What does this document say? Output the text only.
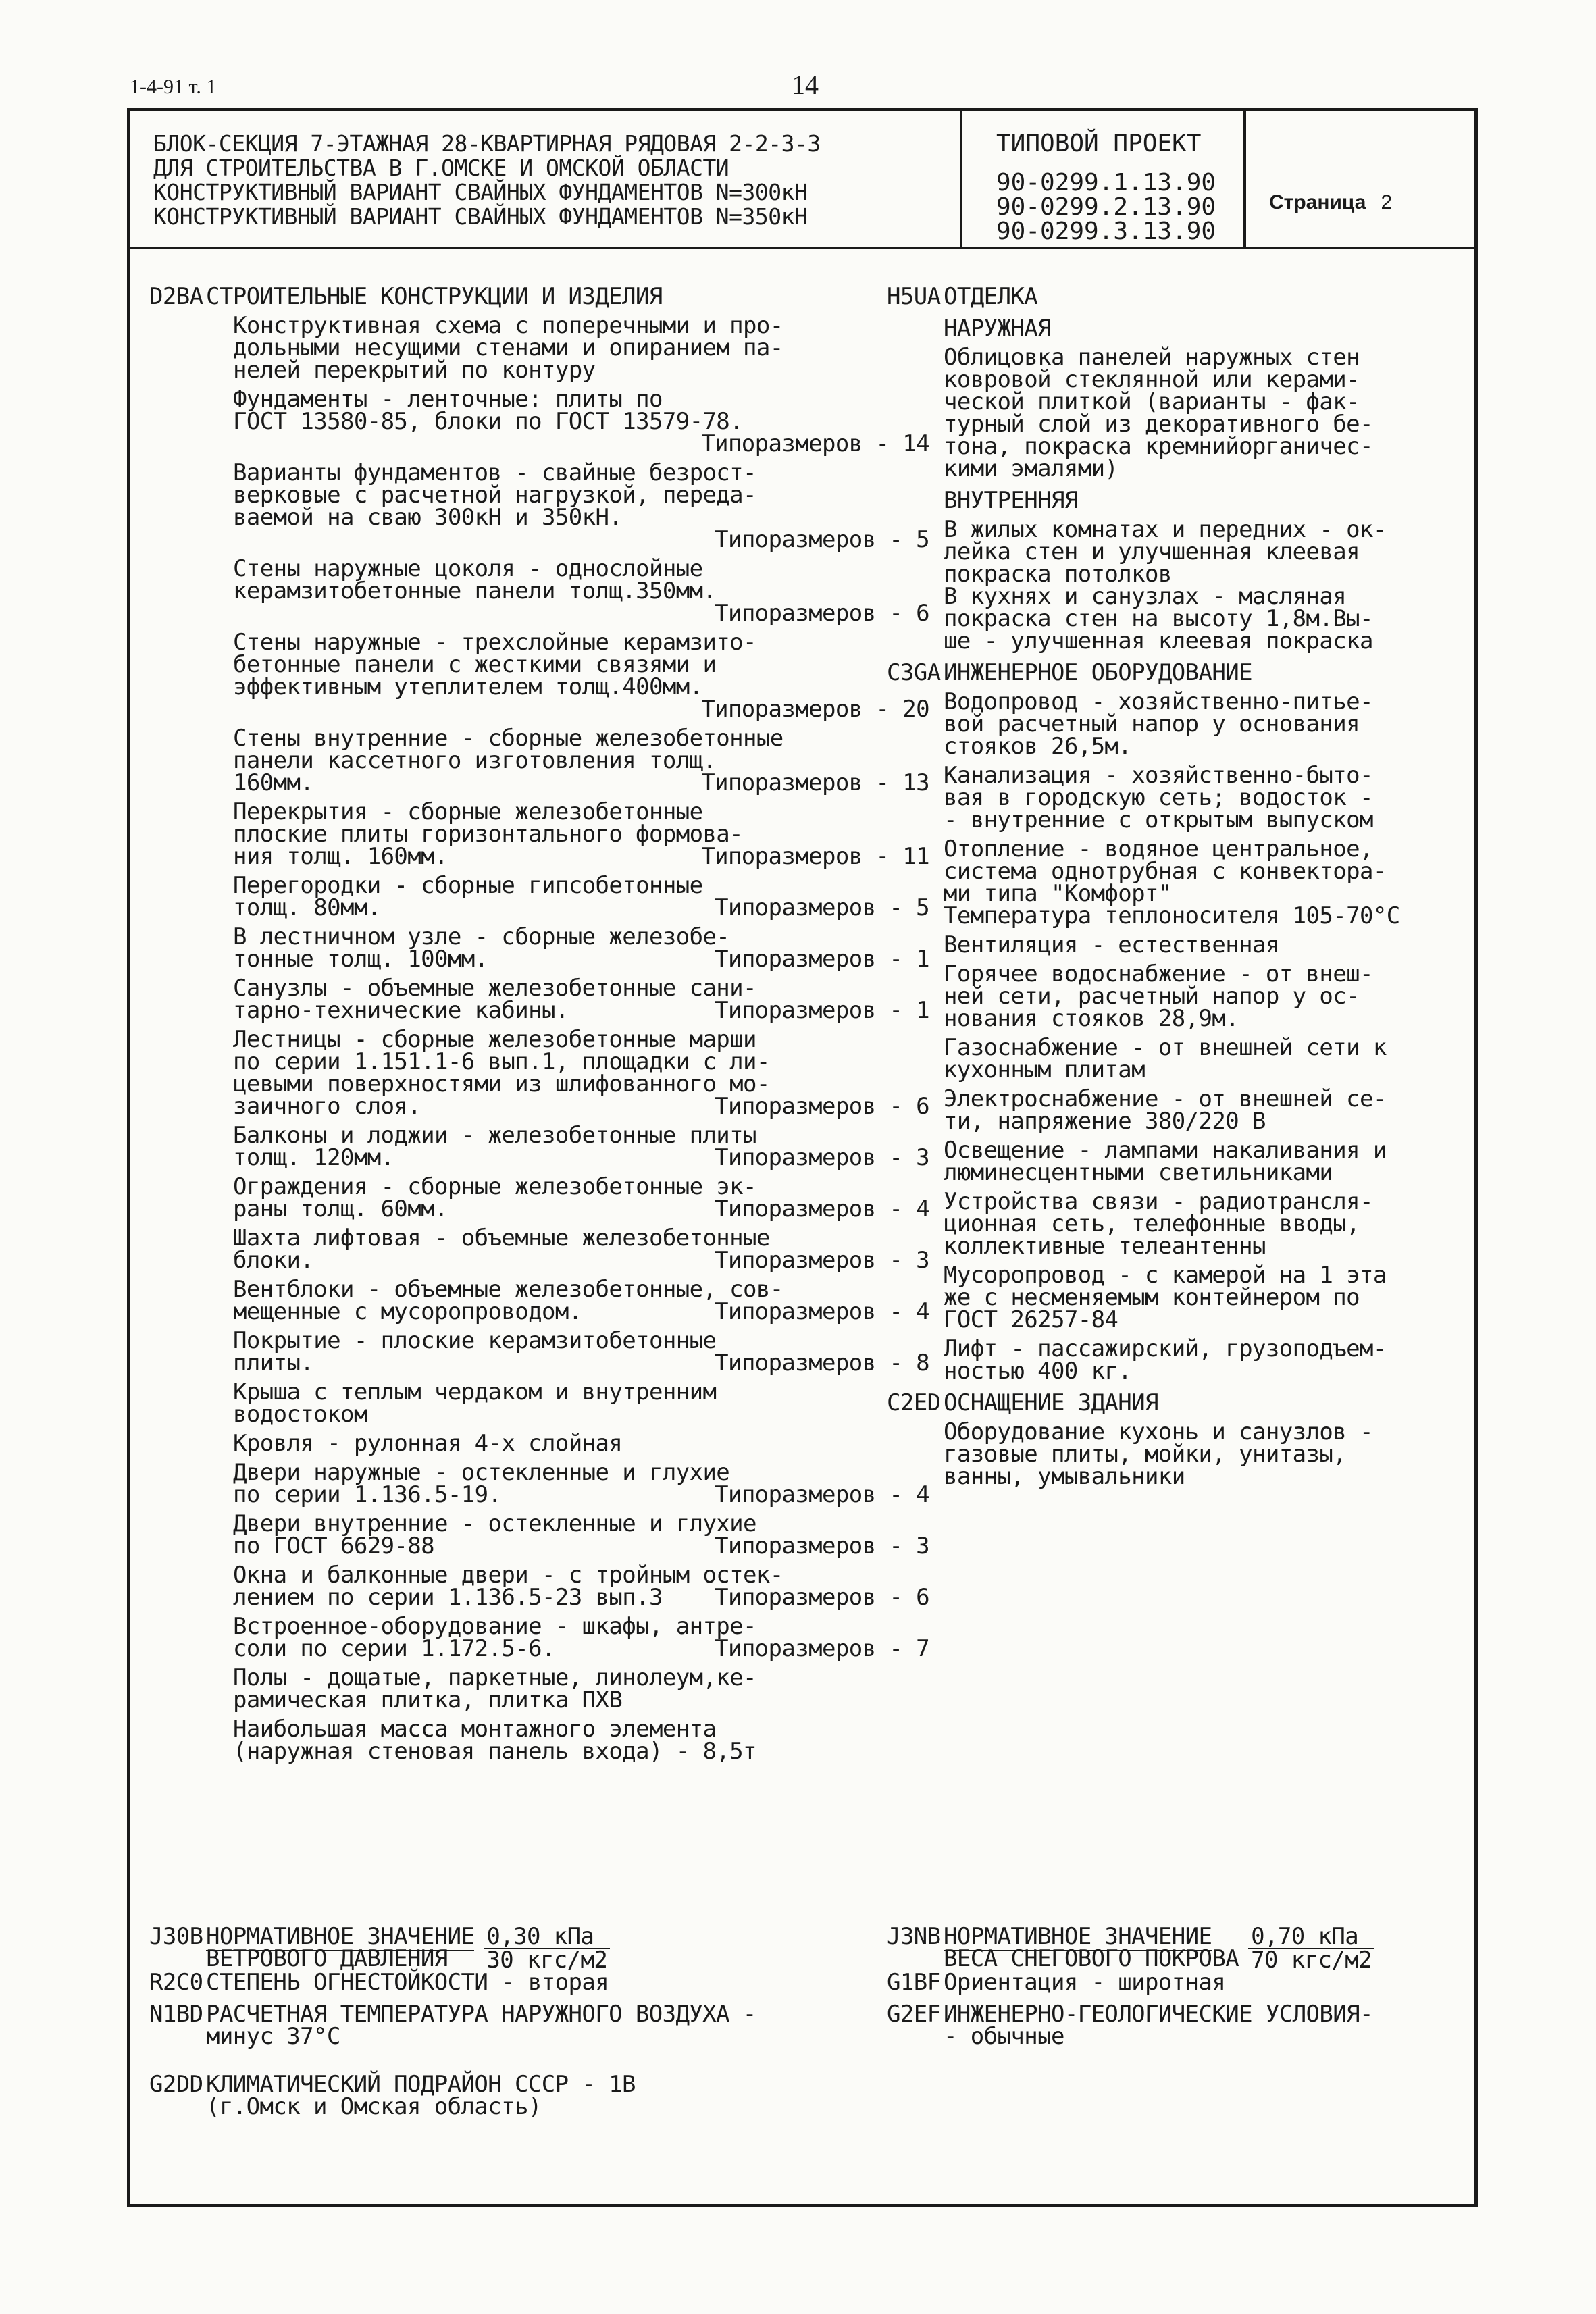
1-4-91 т. 1	14
БЛОК-СЕКЦИЯ 7-ЭТАЖНАЯ 28-КВАРТИРНАЯ РЯДОВАЯ 2-2-3-3
ДЛЯ СТРОИТЕЛЬСТВА В Г.ОМСКЕ И ОМСКОЙ ОБЛАСТИ
КОНСТРУКТИВНЫЙ ВАРИАНТ СВАЙНЫХ ФУНДАМЕНТОВ N=300кН
КОНСТРУКТИВНЫЙ ВАРИАНТ СВАЙНЫХ ФУНДАМЕНТОВ N=350кН
ТИПОВОЙ ПРОЕКТ
90-0299.1.13.90
90-0299.2.13.90
90-0299.3.13.90
Страница 2
D2BA СТРОИТЕЛЬНЫЕ КОНСТРУКЦИИ И ИЗДЕЛИЯ
Конструктивная схема с поперечными и про-
дольными несущими стенами и опиранием па-
нелей перекрытий по контуру
Фундаменты - ленточные: плиты по
ГОСТ 13580-85, блоки по ГОСТ 13579-78.
Типоразмеров - 14
Варианты фундаментов - свайные безрост-
верковые с расчетной нагрузкой, переда-
ваемой на сваю 300кН и 350кН.
Типоразмеров - 5
Стены наружные цоколя - однослойные
керамзитобетонные панели толщ.350мм.
Типоразмеров - 6
Стены наружные - трехслойные керамзито-
бетонные панели с жесткими связями и
эффективным утеплителем толщ.400мм.
Типоразмеров - 20
Стены внутренние - сборные железобетонные
панели кассетного изготовления толщ.
160мм.	Типоразмеров - 13
Перекрытия - сборные железобетонные
плоские плиты горизонтального формова-
ния толщ. 160мм.	Типоразмеров - 11
Перегородки - сборные гипсобетонные
толщ. 80мм.	Типоразмеров - 5
В лестничном узле - сборные железобе-
тонные толщ. 100мм.	Типоразмеров - 1
Санузлы - объемные железобетонные сани-
тарно-технические кабины.	Типоразмеров - 1
Лестницы - сборные железобетонные марши
по серии 1.151.1-6 вып.1, площадки с ли-
цевыми поверхностями из шлифованного мо-
заичного слоя.	Типоразмеров - 6
Балконы и лоджии - железобетонные плиты
толщ. 120мм.	Типоразмеров - 3
Ограждения - сборные железобетонные эк-
раны толщ. 60мм.	Типоразмеров - 4
Шахта лифтовая - объемные железобетонные
блоки.	Типоразмеров - 3
Вентблоки - объемные железобетонные, сов-
мещенные с мусоропроводом.	Типоразмеров - 4
Покрытие - плоские керамзитобетонные
плиты.	Типоразмеров - 8
Крыша с теплым чердаком и внутренним
водостоком
Кровля - рулонная 4-х слойная
Двери наружные - остекленные и глухие
по серии 1.136.5-19.	Типоразмеров - 4
Двери внутренние - остекленные и глухие
по ГОСТ 6629-88	Типоразмеров - 3
Окна и балконные двери - с тройным остек-
лением по серии 1.136.5-23 вып.3 Типоразмеров - 6
Встроенное-оборудование - шкафы, антре-
соли по серии 1.172.5-6.	Типоразмеров - 7
Полы - дощатые, паркетные, линолеум,ке-
рамическая плитка, плитка ПХВ
Наибольшая масса монтажного элемента
(наружная стеновая панель входа) - 8,5т
H5UA ОТДЕЛКА
НАРУЖНАЯ
Облицовка панелей наружных стен
ковровой стеклянной или керами-
ческой плиткой (варианты - фак-
турный слой из декоративного бе-
тона, покраска кремнийорганичес-
кими эмалями)
ВНУТРЕННЯЯ
В жилых комнатах и передних - ок-
лейка стен и улучшенная клеевая
покраска потолков
В кухнях и санузлах - масляная
покраска стен на высоту 1,8м.Вы-
ше - улучшенная клеевая покраска
C3GA ИНЖЕНЕРНОЕ ОБОРУДОВАНИЕ
Водопровод - хозяйственно-питье-
вой расчетный напор у основания
стояков 26,5м.
Канализация - хозяйственно-быто-
вая в городскую сеть; водосток -
- внутренние с открытым выпуском
Отопление - водяное центральное,
система однотрубная с конвектора-
ми типа "Комфорт"
Температура теплоносителя 105-70°С
Вентиляция - естественная
Горячее водоснабжение - от внеш-
ней сети, расчетный напор у ос-
нования стояков 28,9м.
Газоснабжение - от внешней сети к
кухонным плитам
Электроснабжение - от внешней се-
ти, напряжение 380/220 В
Освещение - лампами накаливания и
люминесцентными светильниками
Устройства связи - радиотрансля-
ционная сеть, телефонные вводы,
коллективные телеантенны
Мусоропровод - с камерой на 1 эта
же с несменяемым контейнером по
ГОСТ 26257-84
Лифт - пассажирский, грузоподъем-
ностью 400 кг.
C2ED ОСНАЩЕНИЕ ЗДАНИЯ
Оборудование кухонь и санузлов -
газовые плиты, мойки, унитазы,
ванны, умывальники
J30B НОРМАТИВНОЕ ЗНАЧЕНИЕ
ВЕТРОВОГО ДАВЛЕНИЯ	$\frac{\text{0,30 кПа}}{\text{30 кгс/м2}}$
R2C0 СТЕПЕНЬ ОГНЕСТОЙКОСТИ - вторая
N1BD РАСЧЕТНАЯ ТЕМПЕРАТУРА НАРУЖНОГО ВОЗДУХА -
минус 37°С
G2DD КЛИМАТИЧЕСКИЙ ПОДРАЙОН СССР - 1В
(г.Омск и Омская область)
J3NB НОРМАТИВНОЕ ЗНАЧЕНИЕ
ВЕСА СНЕГОВОГО ПОКРОВА $\frac{\text{0,70 кПа}}{\text{70 кгс/м2}}$
G1BF Ориентация - широтная
G2EF ИНЖЕНЕРНО-ГЕОЛОГИЧЕСКИЕ УСЛОВИЯ-
- обычные
